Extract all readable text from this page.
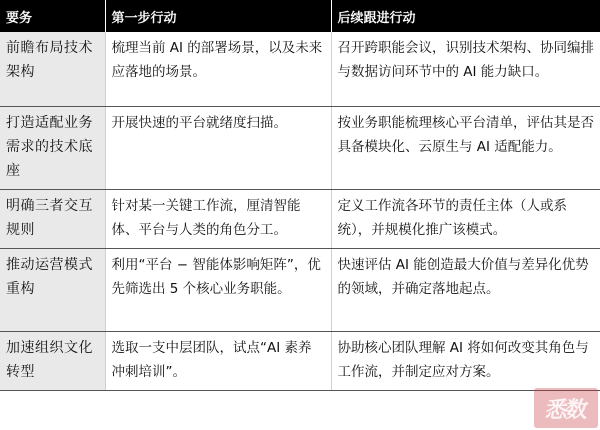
要务	第一步行动	后续跟进行动
前瞻布局技术架构	梳理当前 AI 的部署场景，以及未来应落地的场景。	召开跨职能会议，识别技术架构、协同编排与数据访问环节中的 AI 能力缺口。
打造适配业务需求的技术底座	开展快速的平台就绪度扫描。	按业务职能梳理核心平台清单，评估其是否具备模块化、云原生与 AI 适配能力。
明确三者交互规则	针对某一关键工作流，厘清智能体、平台与人类的角色分工。	定义工作流各环节的责任主体（人或系统），并规模化推广该模式。
推动运营模式重构	利用“平台 − 智能体影响矩阵”，优先筛选出 5 个核心业务职能。	快速评估 AI 能创造最大价值与差异化优势的领域，并确定落地起点。
加速组织文化转型	选取一支中层团队，试点“AI 素养冲刺培训”。	协助核心团队理解 AI 将如何改变其角色与工作流，并制定应对方案。
悉数
